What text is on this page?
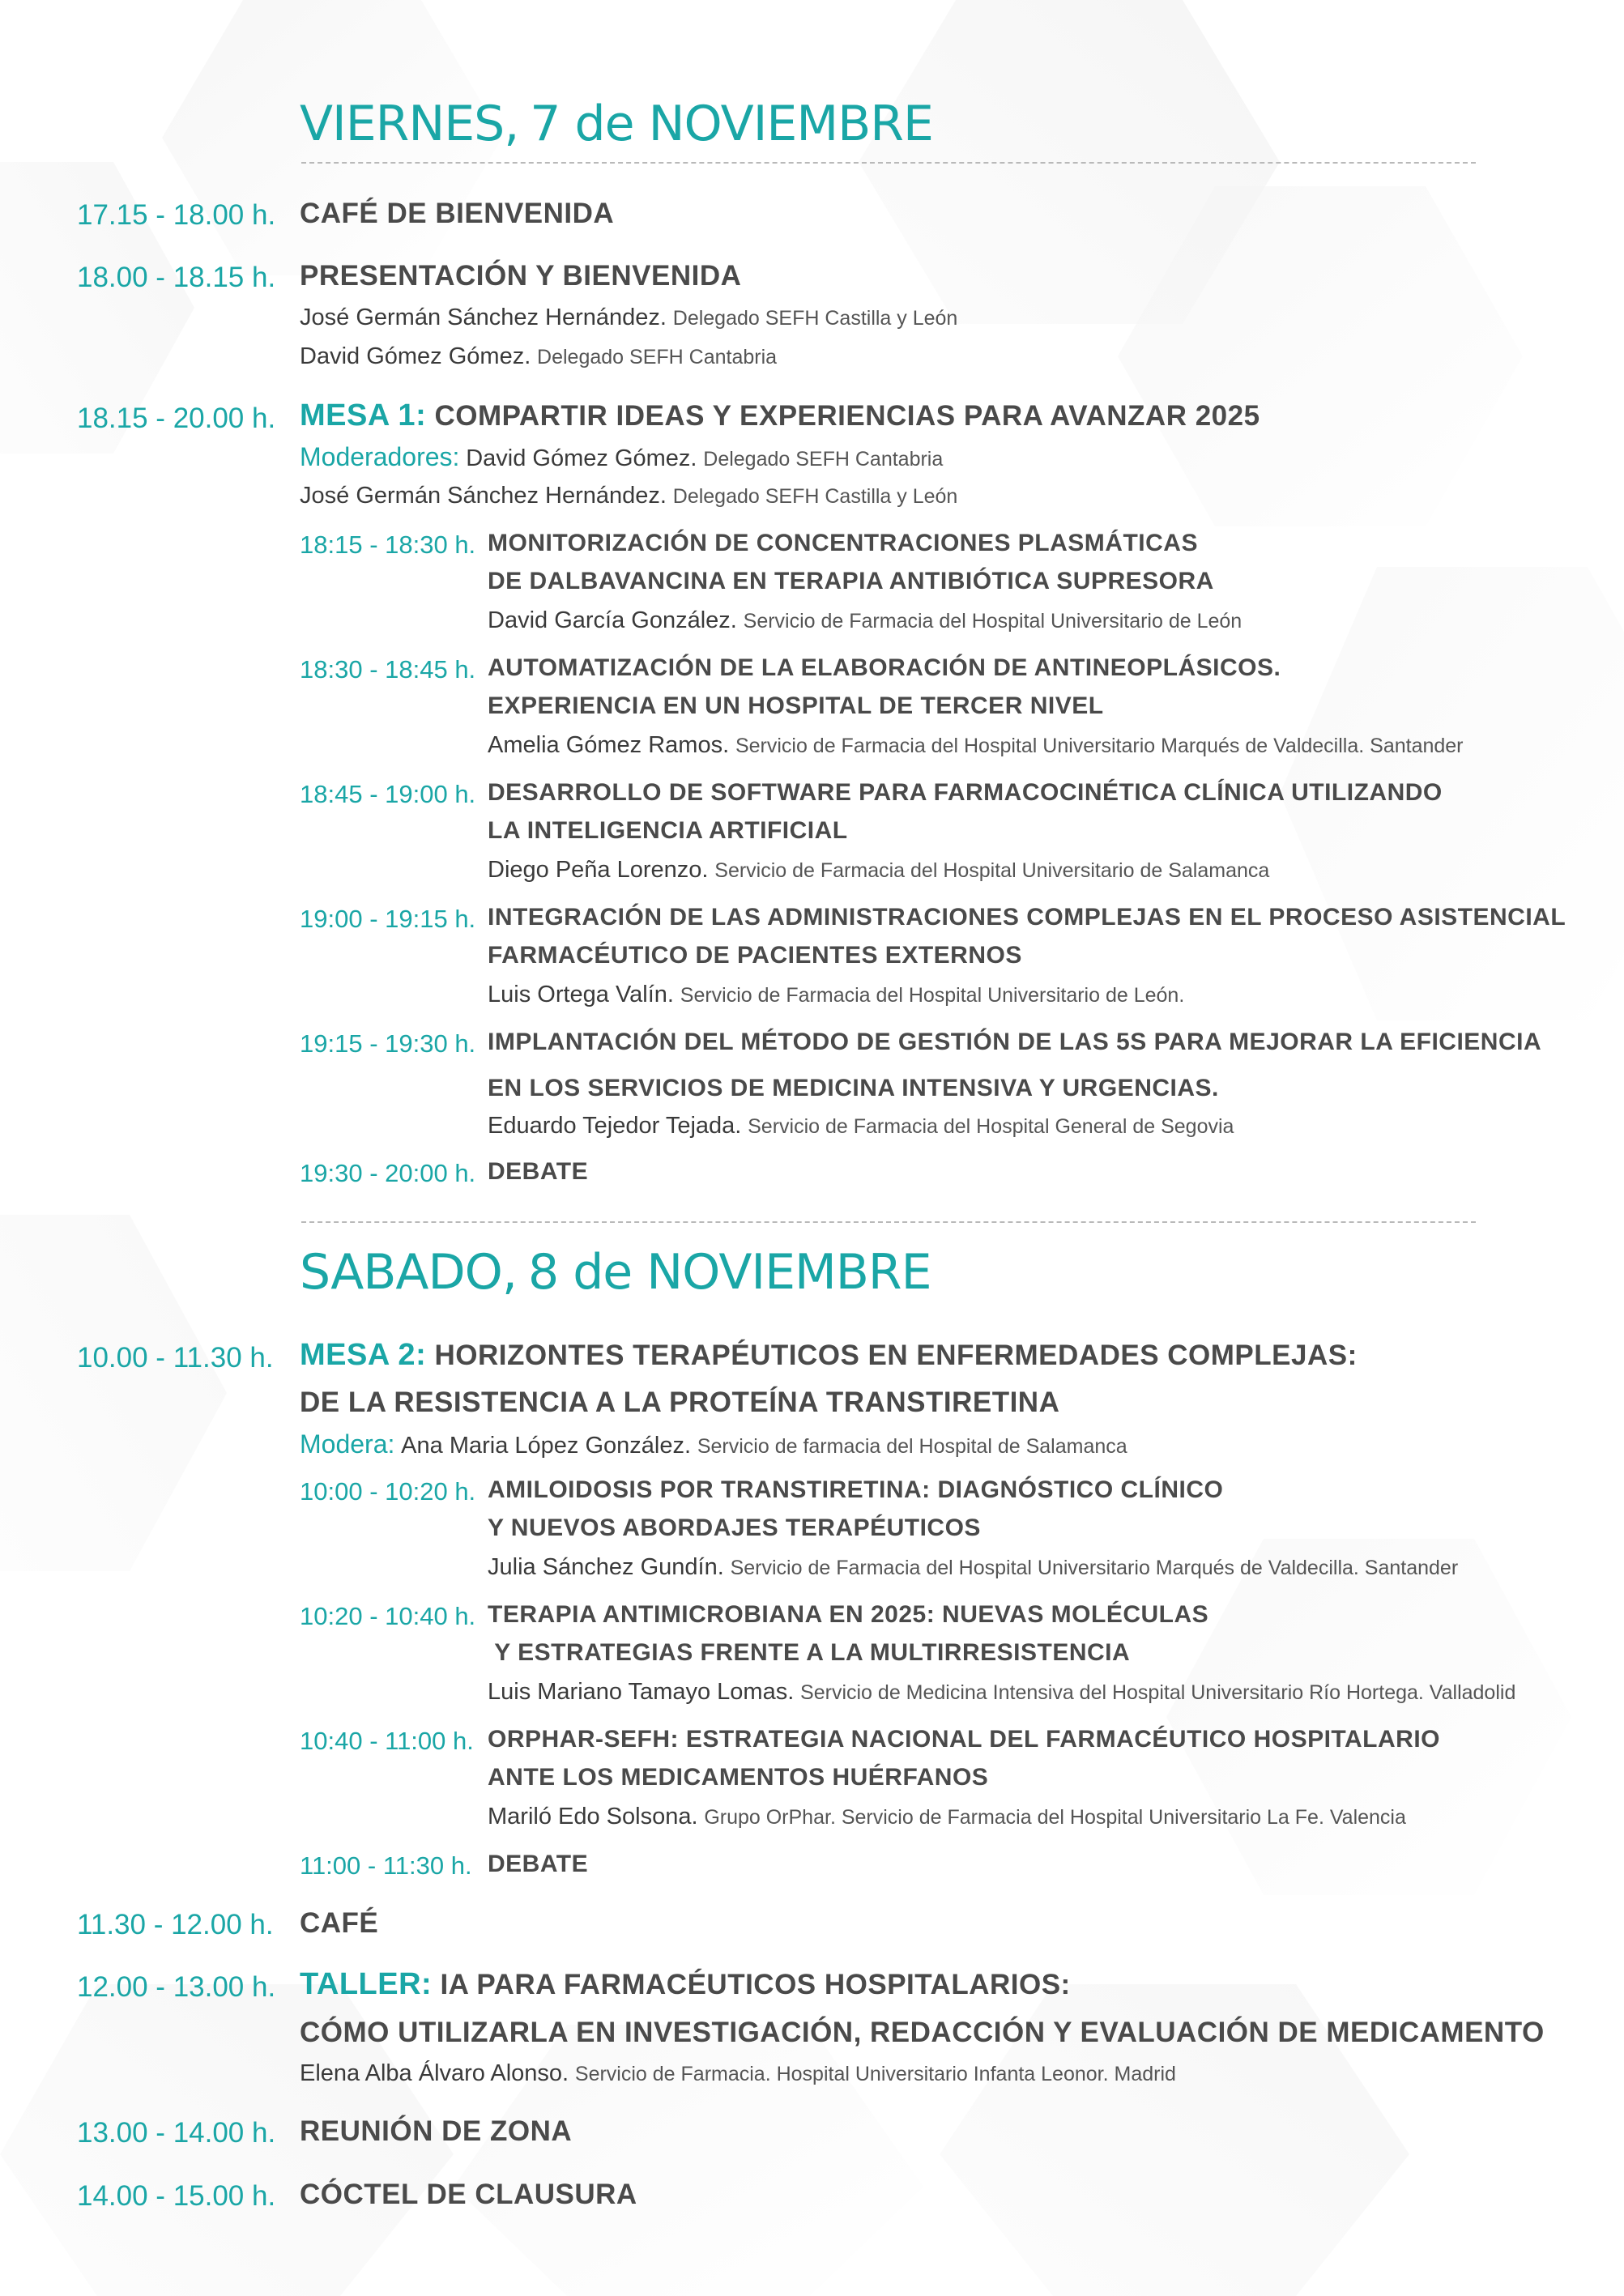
VIERNES, 7 de NOVIEMBRE
17.15 - 18.00 h. CAFÉ DE BIENVENIDA
18.00 - 18.15 h. PRESENTACIÓN Y BIENVENIDA
José Germán Sánchez Hernández. Delegado SEFH Castilla y León
David Gómez Gómez. Delegado SEFH Cantabria
18.15 - 20.00 h. MESA 1: COMPARTIR IDEAS Y EXPERIENCIAS PARA AVANZAR 2025
Moderadores: David Gómez Gómez. Delegado SEFH Cantabria
José Germán Sánchez Hernández. Delegado SEFH Castilla y León
18:15 - 18:30 h. MONITORIZACIÓN DE CONCENTRACIONES PLASMÁTICAS
DE DALBAVANCINA EN TERAPIA ANTIBIÓTICA SUPRESORA
David García González. Servicio de Farmacia del Hospital Universitario de León
18:30 - 18:45 h. AUTOMATIZACIÓN DE LA ELABORACIÓN DE ANTINEOPLÁSICOS.
EXPERIENCIA EN UN HOSPITAL DE TERCER NIVEL
Amelia Gómez Ramos. Servicio de Farmacia del Hospital Universitario Marqués de Valdecilla. Santander
18:45 - 19:00 h. DESARROLLO DE SOFTWARE PARA FARMACOCINÉTICA CLÍNICA UTILIZANDO
LA INTELIGENCIA ARTIFICIAL
Diego Peña Lorenzo. Servicio de Farmacia del Hospital Universitario de Salamanca
19:00 - 19:15 h. INTEGRACIÓN DE LAS ADMINISTRACIONES COMPLEJAS EN EL PROCESO ASISTENCIAL
FARMACÉUTICO DE PACIENTES EXTERNOS
Luis Ortega Valín. Servicio de Farmacia del Hospital Universitario de León.
19:15 - 19:30 h. IMPLANTACIÓN DEL MÉTODO DE GESTIÓN DE LAS 5S PARA MEJORAR LA EFICIENCIA
EN LOS SERVICIOS DE MEDICINA INTENSIVA Y URGENCIAS.
Eduardo Tejedor Tejada. Servicio de Farmacia del Hospital General de Segovia
19:30 - 20:00 h. DEBATE
SABADO, 8 de NOVIEMBRE
10.00 - 11.30 h. MESA 2: HORIZONTES TERAPÉUTICOS EN ENFERMEDADES COMPLEJAS:
DE LA RESISTENCIA A LA PROTEÍNA TRANSTIRETINA
Modera: Ana Maria López González. Servicio de farmacia del Hospital de Salamanca
10:00 - 10:20 h. AMILOIDOSIS POR TRANSTIRETINA: DIAGNÓSTICO CLÍNICO
Y NUEVOS ABORDAJES TERAPÉUTICOS
Julia Sánchez Gundín. Servicio de Farmacia del Hospital Universitario Marqués de Valdecilla. Santander
10:20 - 10:40 h. TERAPIA ANTIMICROBIANA EN 2025: NUEVAS MOLÉCULAS
Y ESTRATEGIAS FRENTE A LA MULTIRRESISTENCIA
Luis Mariano Tamayo Lomas. Servicio de Medicina Intensiva del Hospital Universitario Río Hortega. Valladolid
10:40 - 11:00 h. ORPHAR-SEFH: ESTRATEGIA NACIONAL DEL FARMACÉUTICO HOSPITALARIO
ANTE LOS MEDICAMENTOS HUÉRFANOS
Mariló Edo Solsona. Grupo OrPhar. Servicio de Farmacia del Hospital Universitario La Fe. Valencia
11:00 - 11:30 h. DEBATE
11.30 - 12.00 h. CAFÉ
12.00 - 13.00 h. TALLER: IA PARA FARMACÉUTICOS HOSPITALARIOS:
CÓMO UTILIZARLA EN INVESTIGACIÓN, REDACCIÓN Y EVALUACIÓN DE MEDICAMENTO
Elena Alba Álvaro Alonso. Servicio de Farmacia. Hospital Universitario Infanta Leonor. Madrid
13.00 - 14.00 h. REUNIÓN DE ZONA
14.00 - 15.00 h. CÓCTEL DE CLAUSURA
